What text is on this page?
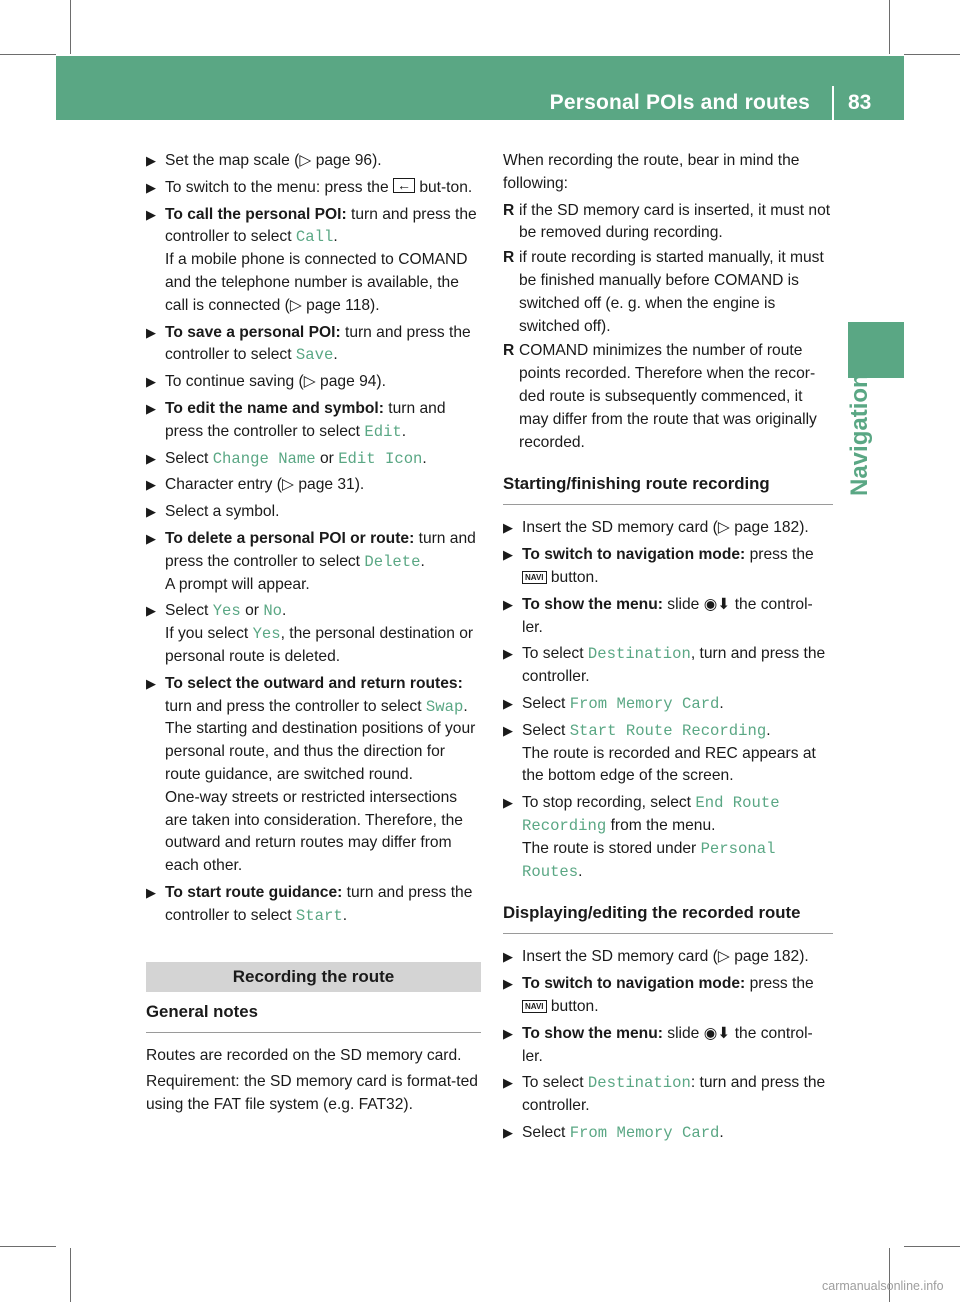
Personal POIs and routes 83
Navigation
▶ Set the map scale (▷ page 96).
▶ To switch to the menu: press the ← but-ton.
▶ To call the personal POI: turn and press the controller to select Call.
If a mobile phone is connected to COMAND and the telephone number is available, the call is connected (▷ page 118).
▶ To save a personal POI: turn and press the controller to select Save.
▶ To continue saving (▷ page 94).
▶ To edit the name and symbol: turn and press the controller to select Edit.
▶ Select Change Name or Edit Icon.
▶ Character entry (▷ page 31).
▶ Select a symbol.
▶ To delete a personal POI or route: turn and press the controller to select Delete.
A prompt will appear.
▶ Select Yes or No.
If you select Yes, the personal destination or personal route is deleted.
▶ To select the outward and return routes: turn and press the controller to select Swap.
The starting and destination positions of your personal route, and thus the direction for route guidance, are switched round.
One-way streets or restricted intersections are taken into consideration. Therefore, the outward and return routes may differ from each other.
▶ To start route guidance: turn and press the controller to select Start.
Recording the route
General notes
Routes are recorded on the SD memory card.
Requirement: the SD memory card is format-ted using the FAT file system (e.g. FAT32).
When recording the route, bear in mind the following:
R if the SD memory card is inserted, it must not be removed during recording.
R if route recording is started manually, it must be finished manually before COMAND is switched off (e. g. when the engine is switched off).
R COMAND minimizes the number of route points recorded. Therefore when the recor-ded route is subsequently commenced, it may differ from the route that was originally recorded.
Starting/finishing route recording
▶ Insert the SD memory card (▷ page 182).
▶ To switch to navigation mode: press the
NAVI button.
▶ To show the menu: slide ◉⬇ the control-ler.
▶ To select Destination, turn and press the controller.
▶ Select From Memory Card.
▶ Select Start Route Recording.
The route is recorded and REC appears at the bottom edge of the screen.
▶ To stop recording, select End Route Recording from the menu.
The route is stored under Personal Routes.
Displaying/editing the recorded route
▶ Insert the SD memory card (▷ page 182).
▶ To switch to navigation mode: press the
NAVI button.
▶ To show the menu: slide ◉⬇ the control-ler.
▶ To select Destination: turn and press the controller.
▶ Select From Memory Card.
carmanualsonline.info
